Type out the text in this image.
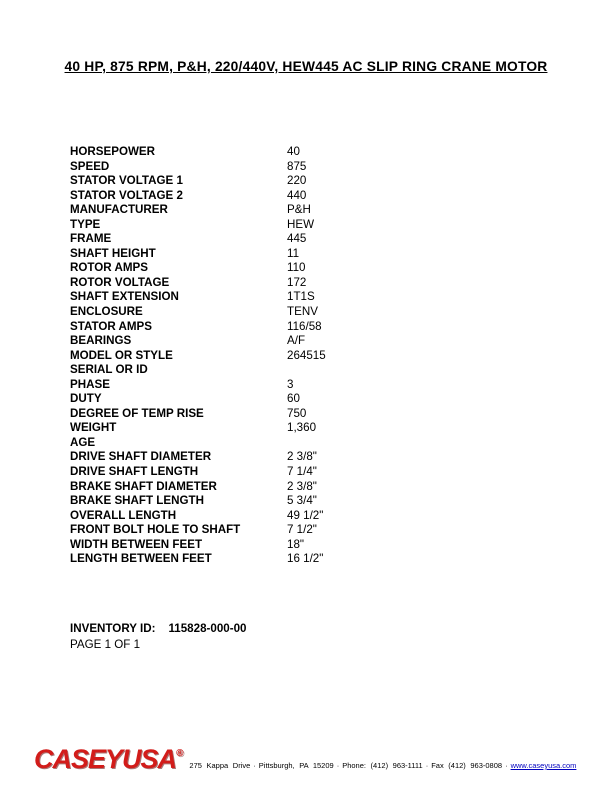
40 HP, 875 RPM, P&H, 220/440V, HEW445 AC SLIP RING CRANE MOTOR
HORSEPOWER	40
SPEED	875
STATOR VOLTAGE 1	220
STATOR VOLTAGE 2	440
MANUFACTURER	P&H
TYPE	HEW
FRAME	445
SHAFT HEIGHT	11
ROTOR AMPS	110
ROTOR VOLTAGE	172
SHAFT EXTENSION	1T1S
ENCLOSURE	TENV
STATOR AMPS	116/58
BEARINGS	A/F
MODEL OR STYLE	264515
SERIAL OR ID
PHASE	3
DUTY	60
DEGREE OF TEMP RISE	750
WEIGHT	1,360
AGE
DRIVE SHAFT DIAMETER	2 3/8"
DRIVE SHAFT LENGTH	7 1/4"
BRAKE SHAFT DIAMETER	2 3/8"
BRAKE SHAFT LENGTH	5 3/4"
OVERALL LENGTH	49 1/2"
FRONT BOLT HOLE TO SHAFT	7 1/2"
WIDTH BETWEEN FEET	18"
LENGTH BETWEEN FEET	16 1/2"
INVENTORY ID: 115828-000-00
PAGE 1 OF 1
CASEYUSA®
275 Kappa Drive · Pittsburgh, PA 15209 · Phone: (412) 963-1111 · Fax (412) 963-0808 · www.caseyusa.com
